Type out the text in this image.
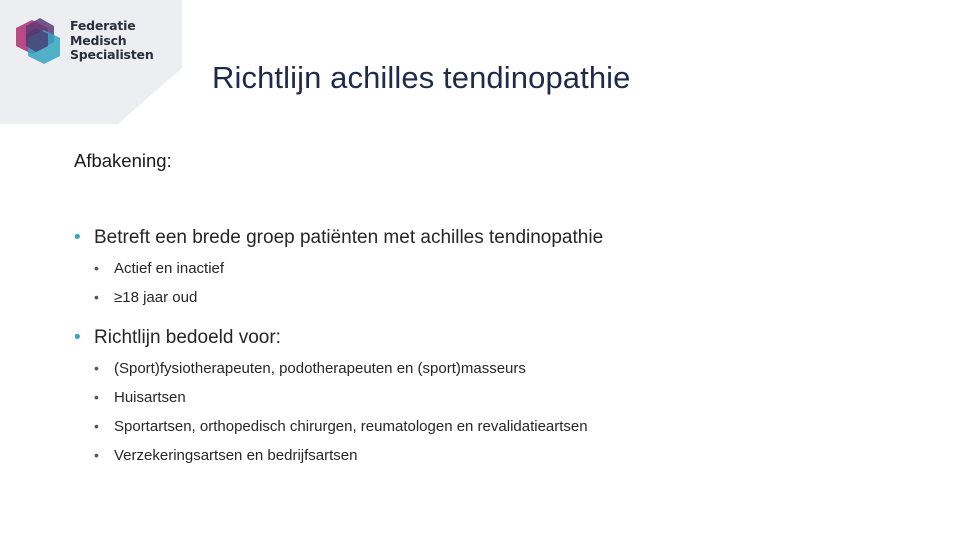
Federatie
Medisch
Specialisten
Richtlijn achilles tendinopathie
Afbakening:
• Betreft een brede groep patiënten met achilles tendinopathie
• Actief en inactief
• ≥18 jaar oud
• Richtlijn bedoeld voor:
• (Sport)fysiotherapeuten, podotherapeuten en (sport)masseurs
• Huisartsen
• Sportartsen, orthopedisch chirurgen, reumatologen en revalidatieartsen
• Verzekeringsartsen en bedrijfsartsen
